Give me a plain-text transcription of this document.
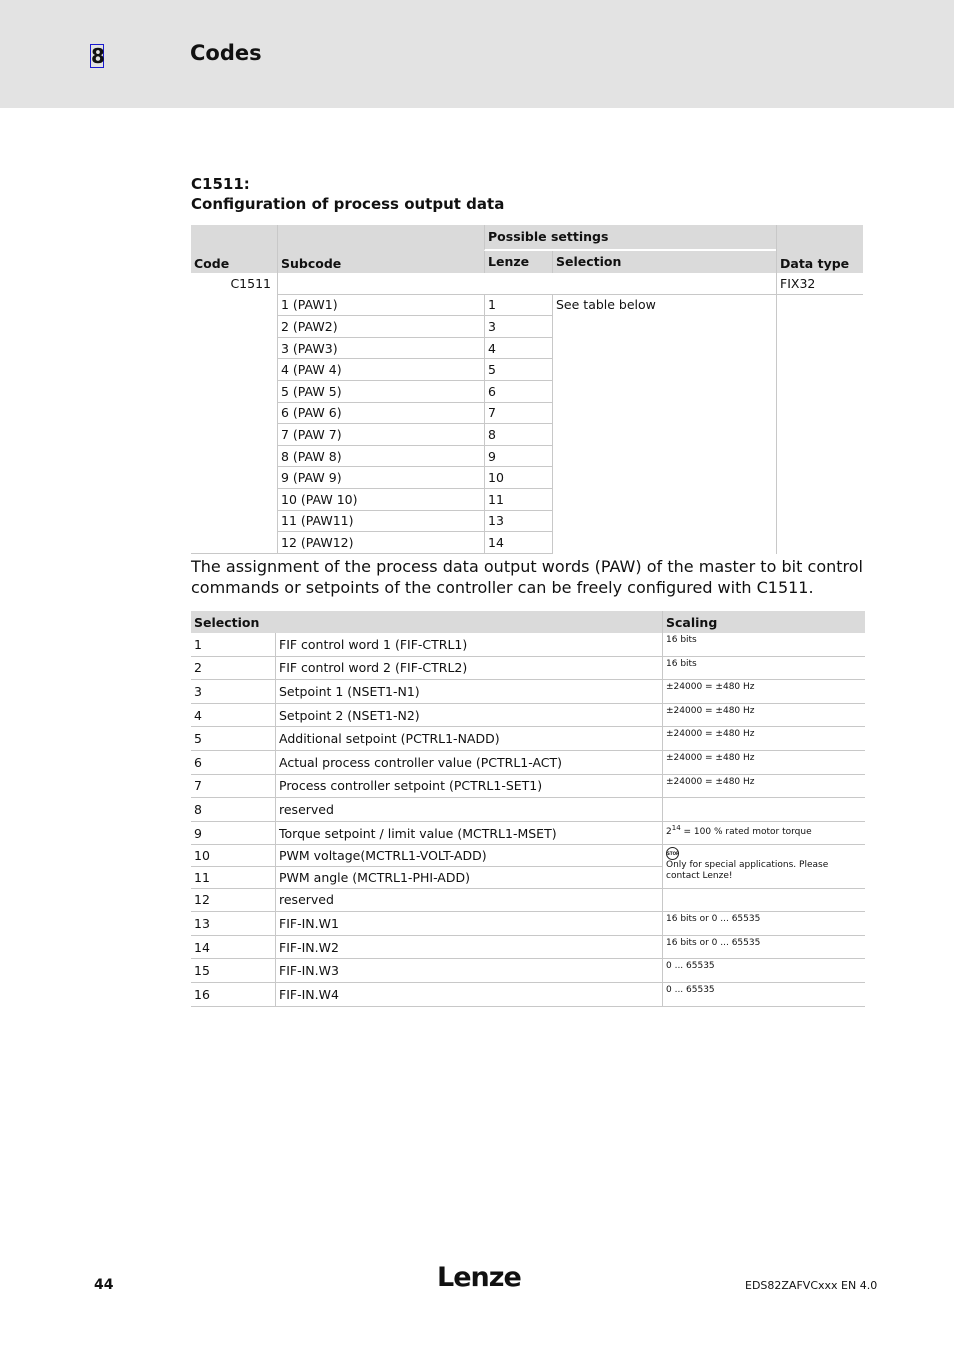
8	Codes
C1511:
Configuration of process output data
Code	Subcode	Possible settings		Data type
		Lenze	Selection	
C1511				FIX32
	1 (PAW1)	1	See table below	
	2 (PAW2)	3		
	3 (PAW3)	4		
	4 (PAW 4)	5		
	5 (PAW 5)	6		
	6 (PAW 6)	7		
	7 (PAW 7)	8		
	8 (PAW 8)	9		
	9 (PAW 9)	10		
	10 (PAW 10)	11		
	11 (PAW11)	13		
	12 (PAW12)	14		
The assignment of the process data output words (PAW) of the master to bit control commands or setpoints of the controller can be freely configured with C1511.
Selection		Scaling
1	FIF control word 1 (FIF-CTRL1)	16 bits
2	FIF control word 2 (FIF-CTRL2)	16 bits
3	Setpoint 1 (NSET1-N1)	±24000 = ±480 Hz
4	Setpoint 2 (NSET1-N2)	±24000 = ±480 Hz
5	Additional setpoint (PCTRL1-NADD)	±24000 = ±480 Hz
6	Actual process controller value (PCTRL1-ACT)	±24000 = ±480 Hz
7	Process controller setpoint (PCTRL1-SET1)	±24000 = ±480 Hz
8	reserved	
9	Torque setpoint / limit value (MCTRL1-MSET)	$2^{14} = 100$ % rated motor torque
10	PWM voltage(MCTRL1-VOLT-ADD)	STOP
Only for special applications. Please contact Lenze!
11	PWM angle (MCTRL1-PHI-ADD)	
12	reserved	
13	FIF-IN.W1	16 bits or 0 ... 65535
14	FIF-IN.W2	16 bits or 0 ... 65535
15	FIF-IN.W3	0 ... 65535
16	FIF-IN.W4	0 ... 65535
44	Lenze	EDS82ZAFVCxxx EN 4.0
